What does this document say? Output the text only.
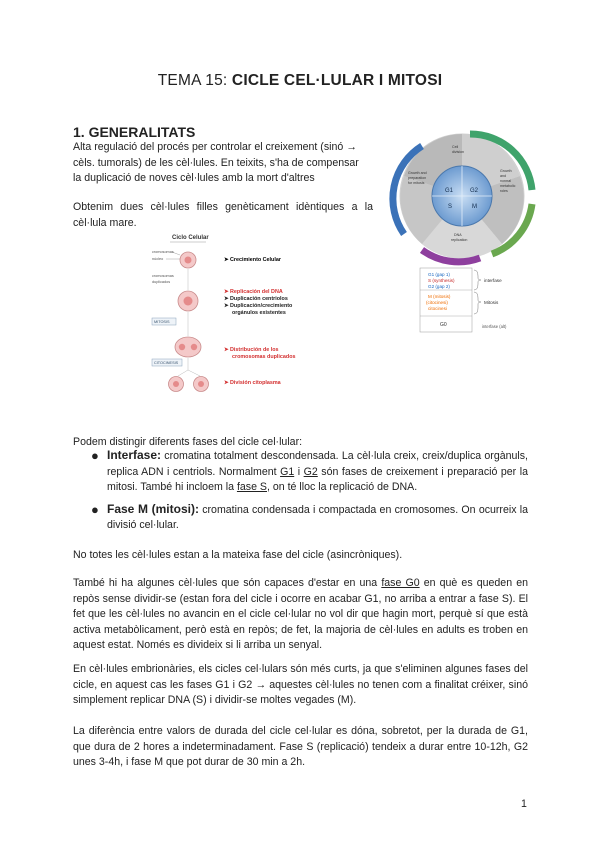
TEMA 15: CICLE CEL·LULAR I MITOSI
1. GENERALITATS
Alta regulació del procés per controlar el creixement (sinó →
cèls. tumorals) de les cèl·lules. En teixits, s'ha de compensar
la duplicació de noves cèl·lules amb la mort d'altres
Obtenim dues cèl·lules filles genèticament idèntiques a la cèl·lula mare.
Ciclo Celular
cromosomas
núcleo
cromosomas
duplicados
MITOSIS
CITOCINESIS
➤ Crecimiento Celular
➤ Replicación del DNA
➤ Duplicación centriolos
➤ Duplicación/crecimiento
orgánulos existentes
➤ Distribución de los
cromosomas duplicados
➤ División citoplasma
G1	G2
S	M
Growth and
preparation
for mitosis
Growth
and
normal
metabolic
roles
DNA
replication
Cell
division
G1 (gap 1)
S (synthesis)
G2 (gap 2)
M (mitosis)
(citocinesi)
citocinesi
G0
interfase
Mitosis
interfase (alt)
Podem distingir diferents fases del cicle cel·lular:
● Interfase: cromatina totalment descondensada. La cèl·lula creix, creix/duplica orgànuls, replica ADN i centriols. Normalment G1 i G2 són fases de creixement i preparació per la mitosi. També hi incloem la fase S, on té lloc la replicació de DNA.
● Fase M (mitosi): cromatina condensada i compactada en cromosomes. On ocurreix la divisió cel·lular.
No totes les cèl·lules estan a la mateixa fase del cicle (asincròniques).
També hi ha algunes cèl·lules que són capaces d'estar en una fase G0 en què es queden en repòs sense dividir-se (estan fora del cicle i ocorre en acabar G1, no arriba a entrar a fase S). El fet que les cèl·lules no avancin en el cicle cel·lular no vol dir que hagin mort, perquè sí que està activa metabòlicament, però està en repòs; de fet, la majoria de cèl·lules en adults es troben en aquest estat. Només es divideix si li arriba un senyal.
En cèl·lules embrionàries, els cicles cel·lulars són més curts, ja que s'eliminen algunes fases del cicle, en aquest cas les fases G1 i G2 → aquestes cèl·lules no tenen com a finalitat créixer, sinó simplement replicar DNA (S) i dividir-se moltes vegades (M).
La diferència entre valors de durada del cicle cel·lular es dóna, sobretot, per la durada de G1, que dura de 2 hores a indeterminadament. Fase S (replicació) tendeix a durar entre 10-12h, G2 unes 3-4h, i fase M que pot durar de 30 min a 2h.
1
